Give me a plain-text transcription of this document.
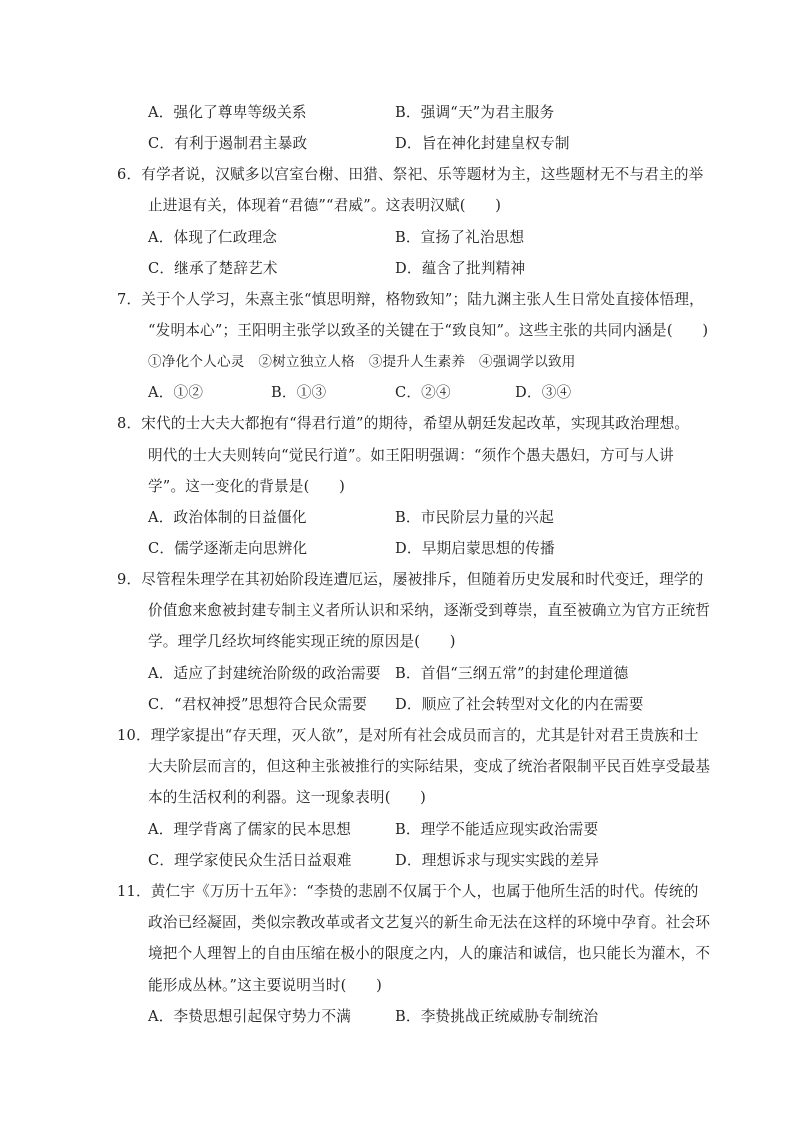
A．强化了尊卑等级关系	B．强调“天”为君主服务
C．有利于遏制君主暴政	D．旨在神化封建皇权专制
6．有学者说，汉赋多以宫室台榭、田猎、祭祀、乐等题材为主，这些题材无不与君主的举
止进退有关，体现着“君德”“君威”。这表明汉赋(　　)
A．体现了仁政理念	B．宣扬了礼治思想
C．继承了楚辞艺术	D．蕴含了批判精神
7．关于个人学习，朱熹主张“慎思明辩，格物致知”；陆九渊主张人生日常处直接体悟理，
“发明本心”；王阳明主张学以致圣的关键在于“致良知”。这些主张的共同内涵是(　　)
①净化个人心灵　②树立独立人格　③提升人生素养　④强调学以致用
A．①②	B．①③	C．②④	D．③④
8．宋代的士大夫大都抱有“得君行道”的期待，希望从朝廷发起改革，实现其政治理想。
明代的士大夫则转向“觉民行道”。如王阳明强调：“须作个愚夫愚妇，方可与人讲
学”。这一变化的背景是(　　)
A．政治体制的日益僵化	B．市民阶层力量的兴起
C．儒学逐渐走向思辨化	D．早期启蒙思想的传播
9．尽管程朱理学在其初始阶段连遭厄运，屡被排斥，但随着历史发展和时代变迁，理学的
价值愈来愈被封建专制主义者所认识和采纳，逐渐受到尊崇，直至被确立为官方正统哲
学。理学几经坎坷终能实现正统的原因是(　　)
A．适应了封建统治阶级的政治需要 B．首倡“三纲五常”的封建伦理道德
C．“君权神授”思想符合民众需要 D．顺应了社会转型对文化的内在需要
10．理学家提出“存天理，灭人欲”，是对所有社会成员而言的，尤其是针对君王贵族和士
大夫阶层而言的，但这种主张被推行的实际结果，变成了统治者限制平民百姓享受最基
本的生活权利的利器。这一现象表明(　　)
A．理学背离了儒家的民本思想	B．理学不能适应现实政治需要
C．理学家使民众生活日益艰难	D．理想诉求与现实实践的差异
11．黄仁宇《万历十五年》：“李贽的悲剧不仅属于个人，也属于他所生活的时代。传统的
政治已经凝固，类似宗教改革或者文艺复兴的新生命无法在这样的环境中孕育。社会环
境把个人理智上的自由压缩在极小的限度之内，人的廉洁和诚信，也只能长为灌木，不
能形成丛林。”这主要说明当时(　　)
A．李贽思想引起保守势力不满	B．李贽挑战正统威胁专制统治
